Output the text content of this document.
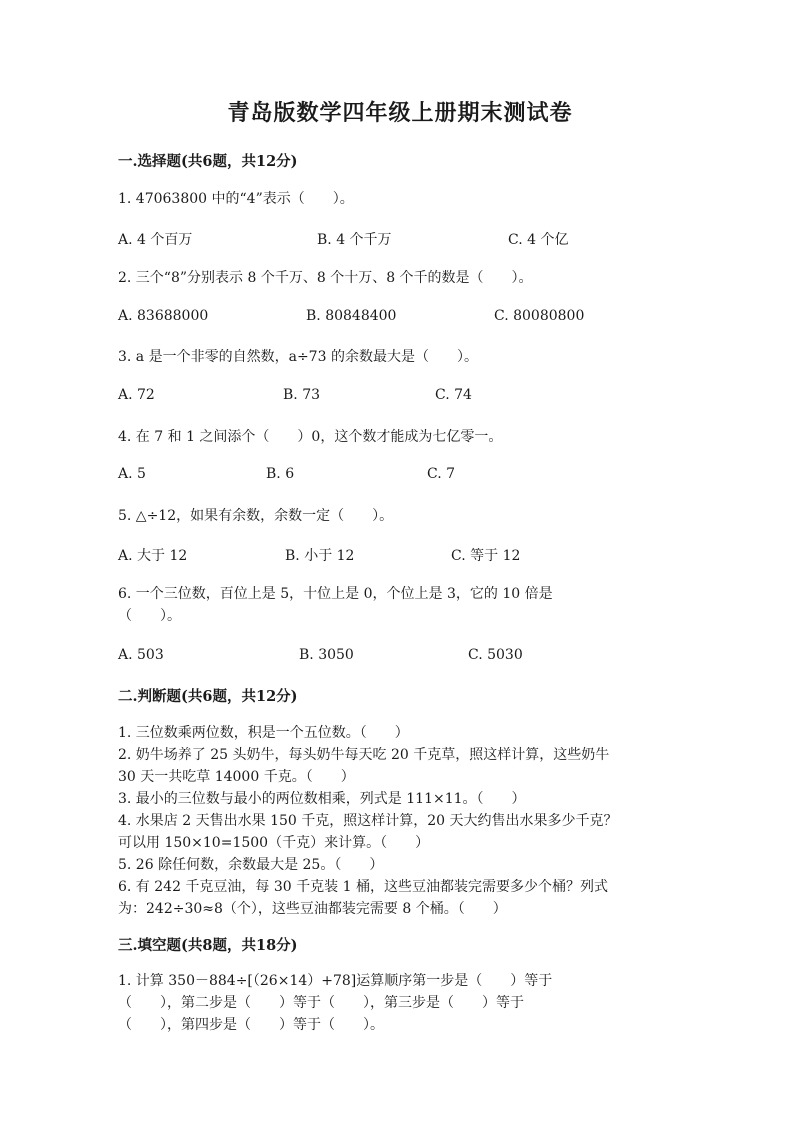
青岛版数学四年级上册期末测试卷
一.选择题(共6题，共12分)
1. 47063800 中的“4”表示（　　）。
A. 4 个百万	B. 4 个千万	C. 4 个亿
2. 三个“8”分别表示 8 个千万、8 个十万、8 个千的数是（　　）。
A. 83688000	B. 80848400	C. 80080800
3. a 是一个非零的自然数，a÷73 的余数最大是（　　）。
A. 72	B. 73	C. 74
4. 在 7 和 1 之间添个（　　）0，这个数才能成为七亿零一。
A. 5	B. 6	C. 7
5. △÷12，如果有余数，余数一定（　　）。
A. 大于 12	B. 小于 12	C. 等于 12
6. 一个三位数，百位上是 5，十位上是 0，个位上是 3，它的 10 倍是
（　　）。
A. 503	B. 3050	C. 5030
二.判断题(共6题，共12分)
1. 三位数乘两位数，积是一个五位数。（　　）
2. 奶牛场养了 25 头奶牛，每头奶牛每天吃 20 千克草，照这样计算，这些奶牛
30 天一共吃草 14000 千克。（　　）
3. 最小的三位数与最小的两位数相乘，列式是 111×11。（　　）
4. 水果店 2 天售出水果 150 千克，照这样计算，20 天大约售出水果多少千克？
可以用 150×10=1500（千克）来计算。（　　）
5. 26 除任何数，余数最大是 25。（　　）
6. 有 242 千克豆油，每 30 千克装 1 桶，这些豆油都装完需要多少个桶？列式
为：242÷30≈8（个），这些豆油都装完需要 8 个桶。（　　）
三.填空题(共8题，共18分)
1. 计算 350－884÷[（26×14）+78]运算顺序第一步是（　　）等于
（　　），第二步是（　　）等于（　　），第三步是（　　）等于
（　　），第四步是（　　）等于（　　）。
